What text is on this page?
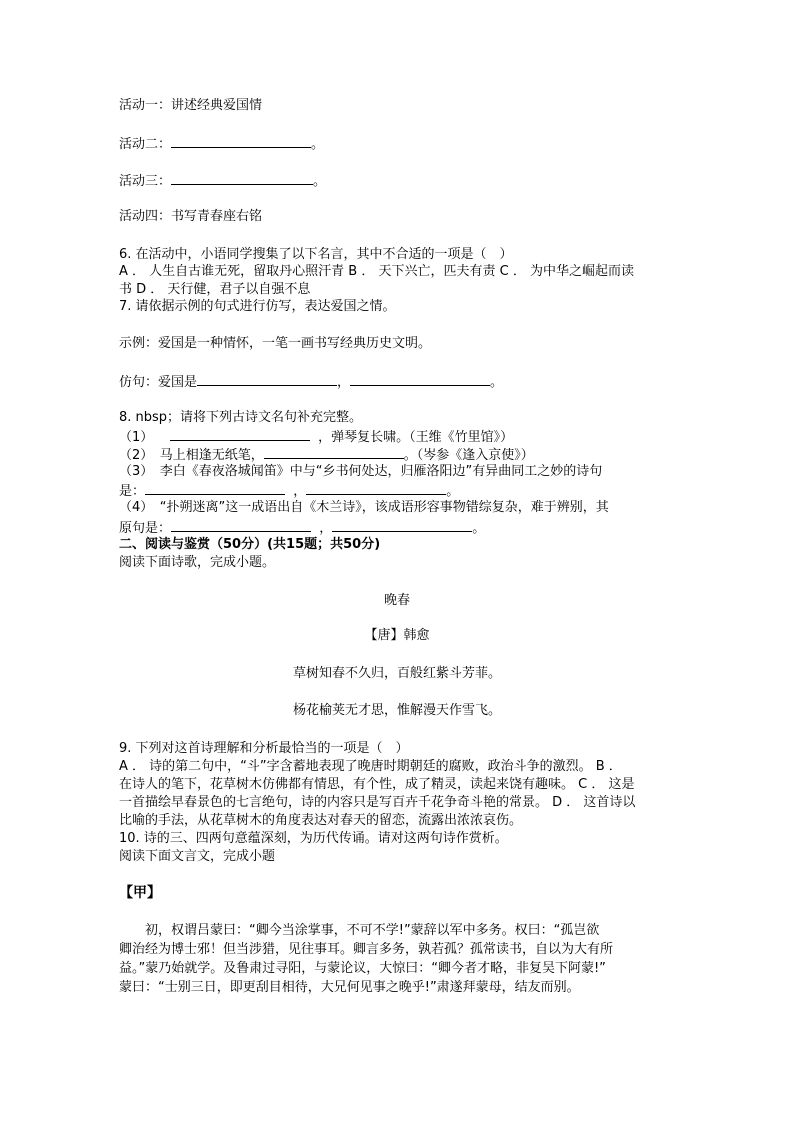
活动一：讲述经典爱国情
活动二：	。
活动三：	。
活动四：书写青春座右铭
6. 在活动中，小语同学搜集了以下名言，其中不合适的一项是（　）
A ． 人生自古谁无死，留取丹心照汗青 B ． 天下兴亡，匹夫有责 C ． 为中华之崛起而读
书 D ． 天行健，君子以自强不息
7. 请依据示例的句式进行仿写，表达爱国之情。
示例：爱国是一种情怀，一笔一画书写经典历史文明。
仿句：爱国是	，	。
8. nbsp；请将下列古诗文名句补充完整。
（1）	，弹琴复长啸。（王维《竹里馆》）
（2）　马上相逢无纸笔，	。（岑参《逢入京使》）
（3）　李白《春夜洛城闻笛》中与“乡书何处达，归雁洛阳边”有异曲同工之妙的诗句
是：	，	。
（4）　“扑朔迷离”这一成语出自《木兰诗》，该成语形容事物错综复杂，难于辨别，其
原句是：	，	。
二、阅读与鉴赏（50分）(共15题；共50分)
阅读下面诗歌，完成小题。
晚春
【唐】韩愈
草树知春不久归，百般红紫斗芳菲。
杨花榆荚无才思，惟解漫天作雪飞。
9. 下列对这首诗理解和分析最恰当的一项是（　）
A ． 诗的第二句中，“斗”字含蓄地表现了晚唐时期朝廷的腐败，政治斗争的激烈。 B ．
在诗人的笔下，花草树木仿佛都有情思，有个性，成了精灵，读起来饶有趣味。 C ． 这是
一首描绘早春景色的七言绝句，诗的内容只是写百卉千花争奇斗艳的常景。 D ． 这首诗以
比喻的手法，从花草树木的角度表达对春天的留恋，流露出浓浓哀伤。
10. 诗的三、四两句意蕴深刻，为历代传诵。请对这两句诗作赏析。
阅读下面文言文，完成小题
【甲】
　　初，权谓吕蒙曰：“卿今当涂掌事，不可不学!”蒙辞以军中多务。权曰：“孤岂欲
卿治经为博士邪！但当涉猎，见往事耳。卿言多务，孰若孤？孤常读书，自以为大有所
益。”蒙乃始就学。及鲁肃过寻阳，与蒙论议，大惊曰：“卿今者才略，非复吴下阿蒙!”
蒙曰：“士别三日，即更刮目相待，大兄何见事之晚乎!”肃遂拜蒙母，结友而别。
